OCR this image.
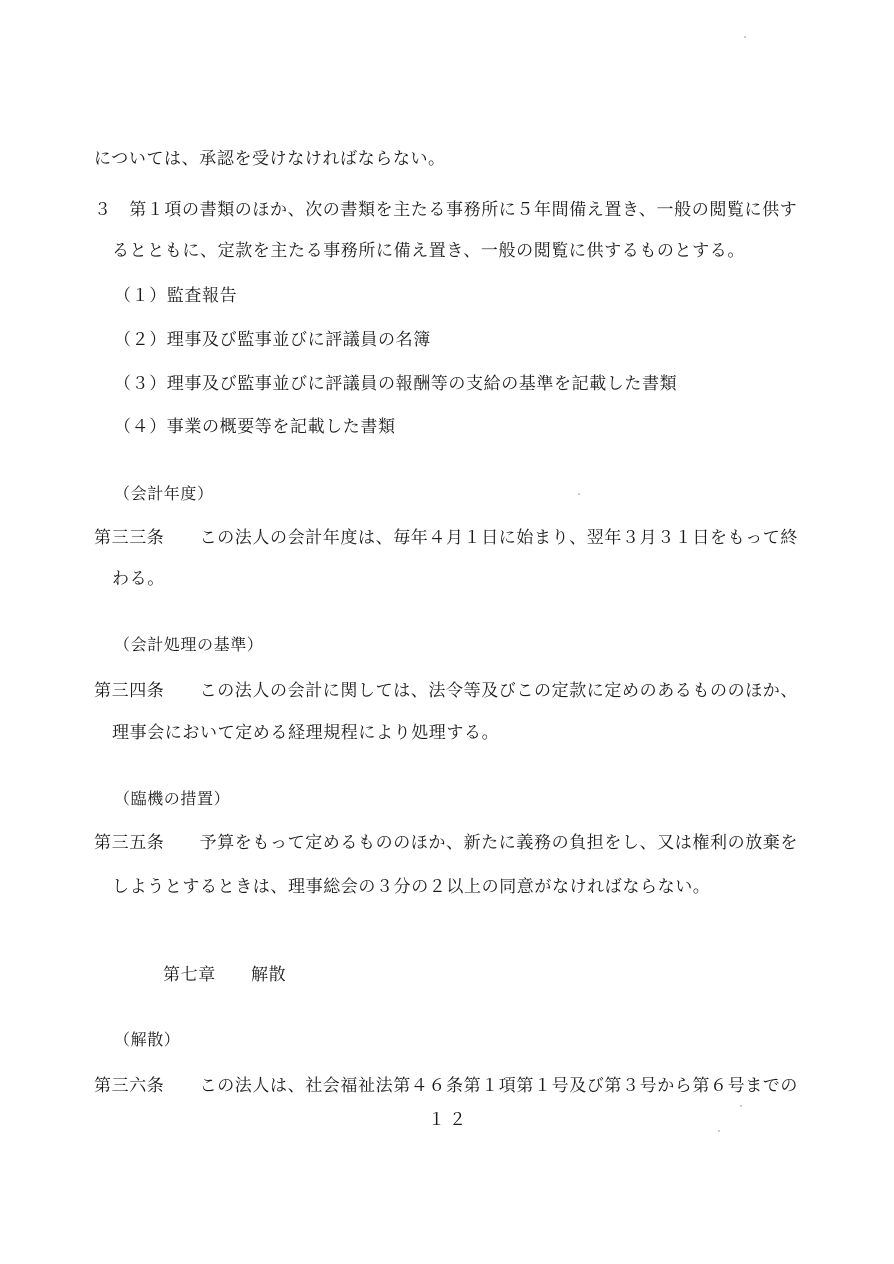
については、承認を受けなければならない。
３　第１項の書類のほか、次の書類を主たる事務所に５年間備え置き、一般の閲覧に供す
るとともに、定款を主たる事務所に備え置き、一般の閲覧に供するものとする。
（１）監査報告
（２）理事及び監事並びに評議員の名簿
（３）理事及び監事並びに評議員の報酬等の支給の基準を記載した書類
（４）事業の概要等を記載した書類
（会計年度）
第三三条　　この法人の会計年度は、毎年４月１日に始まり、翌年３月３１日をもって終
わる。
（会計処理の基準）
第三四条　　この法人の会計に関しては、法令等及びこの定款に定めのあるもののほか、
理事会において定める経理規程により処理する。
（臨機の措置）
第三五条　　予算をもって定めるもののほか、新たに義務の負担をし、又は権利の放棄を
しようとするときは、理事総会の３分の２以上の同意がなければならない。
第七章　　解散
（解散）
第三六条　　この法人は、社会福祉法第４６条第１項第１号及び第３号から第６号までの
１２
